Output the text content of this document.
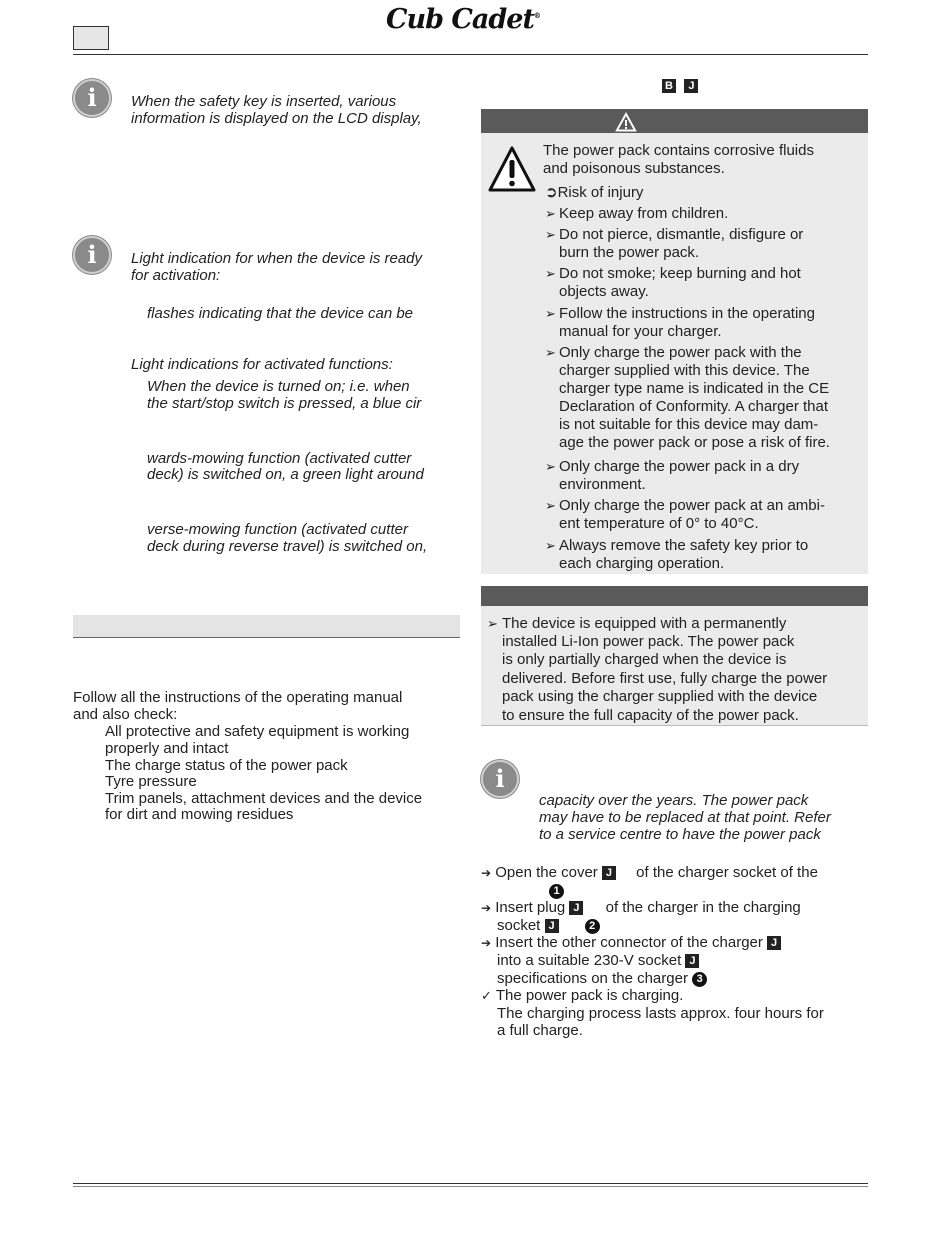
Cub Cadet®
i	When the safety key is inserted, various information is displayed on the LCD display,
i	Light indication for when the device is ready
for activation:
flashes indicating that the device can be
Light indications for activated functions:
When the device is turned on; i.e. when
the start/stop switch is pressed, a blue cir
wards-mowing function (activated cutter
deck) is switched on, a green light around
verse-mowing function (activated cutter
deck during reverse travel) is switched on,
Follow all the instructions of the operating manual
and also check:
All protective and safety equipment is working
properly and intact
The charge status of the power pack
Tyre pressure
Trim panels, attachment devices and the device
for dirt and mowing residues
B J
The power pack contains corrosive fluids
and poisonous substances.
➲Risk of injury
➢ Keep away from children.
➢ Do not pierce, dismantle, disfigure or
burn the power pack.
➢ Do not smoke; keep burning and hot
objects away.
➢ Follow the instructions in the operating
manual for your charger.
➢ Only charge the power pack with the
charger supplied with this device. The
charger type name is indicated in the CE
Declaration of Conformity. A charger that
is not suitable for this device may dam-
age the power pack or pose a risk of fire.
➢ Only charge the power pack in a dry
environment.
➢ Only charge the power pack at an ambi-
ent temperature of 0° to 40°C.
➢ Always remove the safety key prior to
each charging operation.
➢ The device is equipped with a permanently
installed Li-Ion power pack. The power pack
is only partially charged when the device is
delivered. Before first use, fully charge the power
pack using the charger supplied with the device
to ensure the full capacity of the power pack.
i
capacity over the years. The power pack
may have to be replaced at that point. Refer
to a service centre to have the power pack
➔ Open the cover J of the charger socket of the
1
➔ Insert plug J of the charger in the charging
socket J	2
➔ Insert the other connector of the charger J
into a suitable 230-V socket J
specifications on the charger 3
✓ The power pack is charging.
The charging process lasts approx. four hours for
a full charge.
